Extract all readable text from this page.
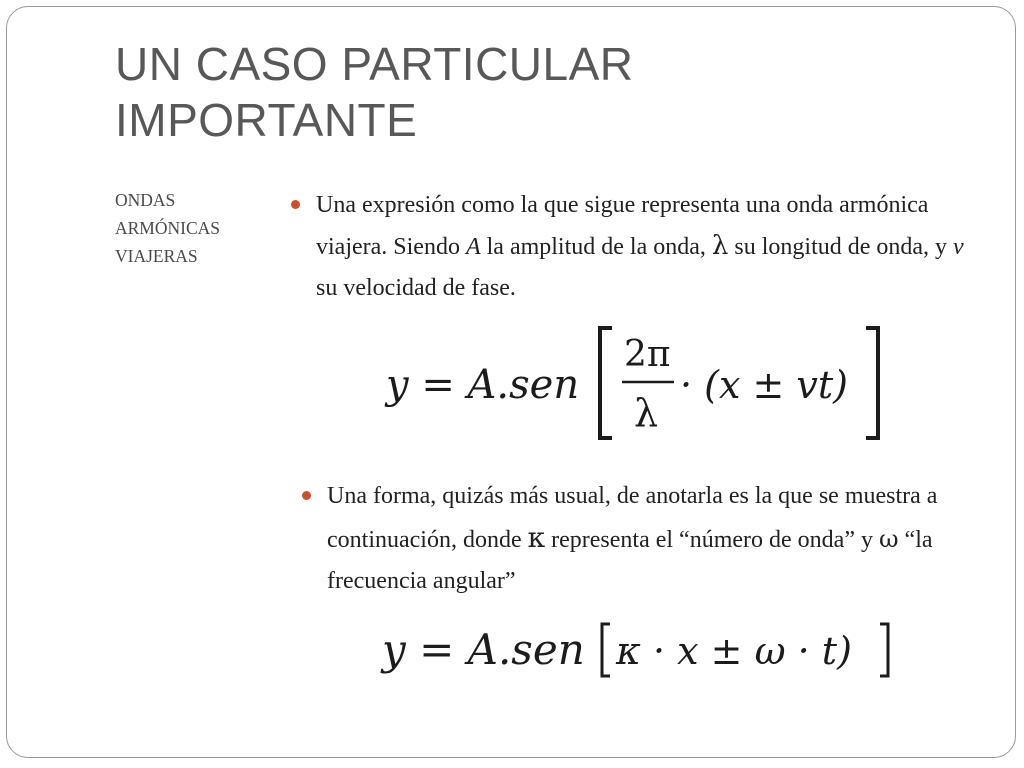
UN CASO PARTICULAR IMPORTANTE
ONDAS
ARMÓNICAS
VIAJERAS
Una expresión como la que sigue representa una onda armónica viajera. Siendo A la amplitud de la onda, λ su longitud de onda, y v su velocidad de fase.
y = A.sen
2π
λ
· (x ± vt)
Una forma, quizás más usual, de anotarla es la que se muestra a continuación, donde κ representa el “número de onda” y ω “la frecuencia angular”
y = A.sen κ · x ± ω · t)
